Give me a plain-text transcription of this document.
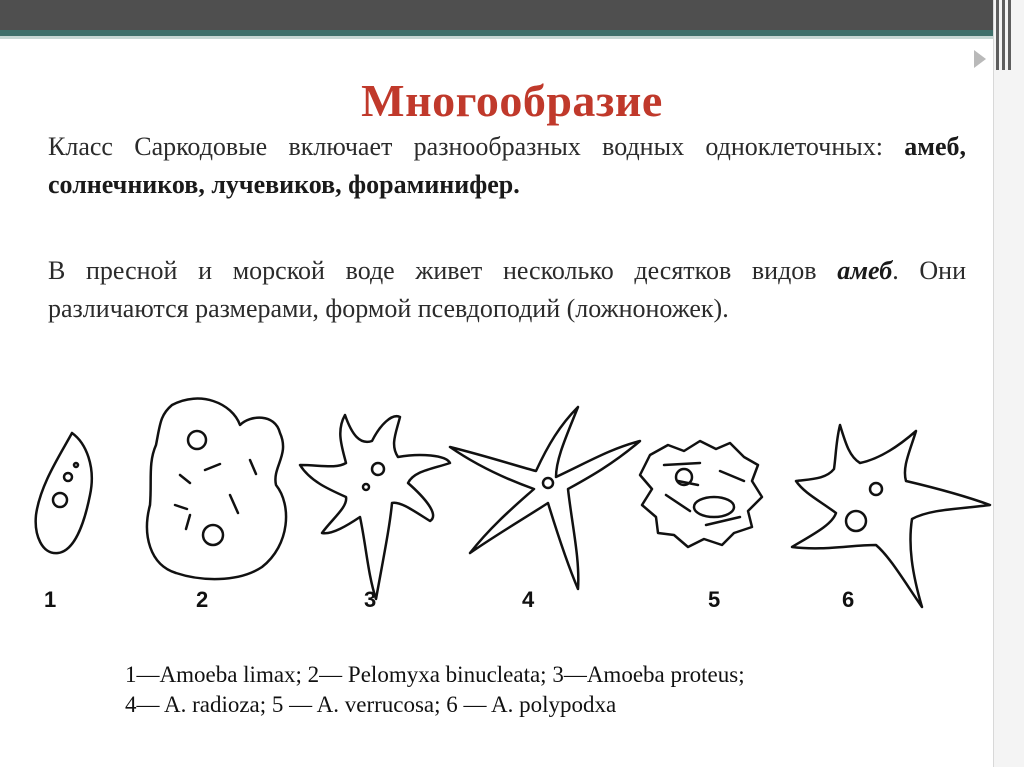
Многообразие
Класс Саркодовые включает разнообразных водных одноклеточных: амеб, солнечников, лучевиков, фораминифер.
В пресной и морской воде живет несколько десятков видов амеб. Они различаются размерами, формой псевдоподий (ложноножек).
1	2	3	4	5	6
1—Amoeba limax; 2— Pelomyxa binucleata; 3—Amoeba proteus;
4— A. radioza; 5 — A. verrucosa; 6 — A. polypodxa
